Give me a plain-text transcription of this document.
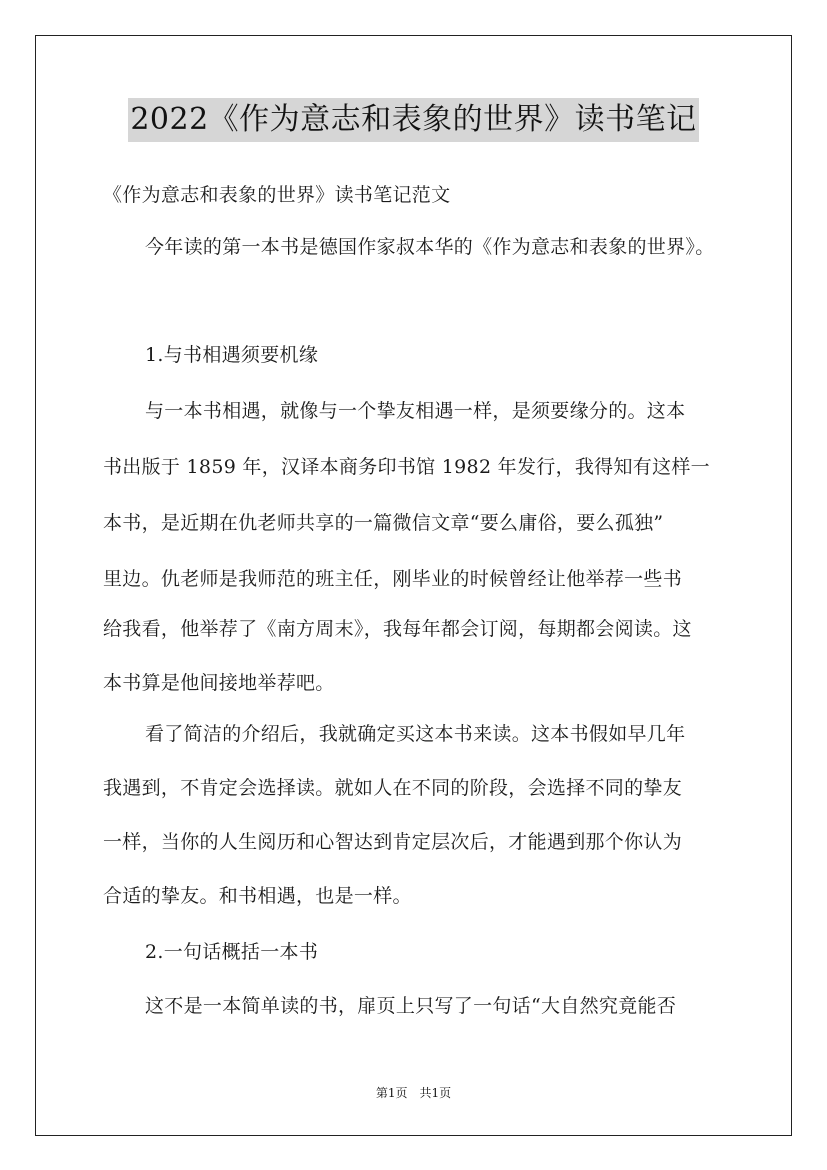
2022《作为意志和表象的世界》读书笔记
《作为意志和表象的世界》读书笔记范文
今年读的第一本书是德国作家叔本华的《作为意志和表象的世界》。
1.与书相遇须要机缘
与一本书相遇，就像与一个挚友相遇一样，是须要缘分的。这本
书出版于 1859 年，汉译本商务印书馆 1982 年发行，我得知有这样一
本书，是近期在仇老师共享的一篇微信文章“要么庸俗，要么孤独”
里边。仇老师是我师范的班主任，刚毕业的时候曾经让他举荐一些书
给我看，他举荐了《南方周末》，我每年都会订阅，每期都会阅读。这
本书算是他间接地举荐吧。
看了简洁的介绍后，我就确定买这本书来读。这本书假如早几年
我遇到，不肯定会选择读。就如人在不同的阶段，会选择不同的挚友
一样，当你的人生阅历和心智达到肯定层次后，才能遇到那个你认为
合适的挚友。和书相遇，也是一样。
2.一句话概括一本书
这不是一本简单读的书，扉页上只写了一句话“大自然究竟能否
第1页　共1页
